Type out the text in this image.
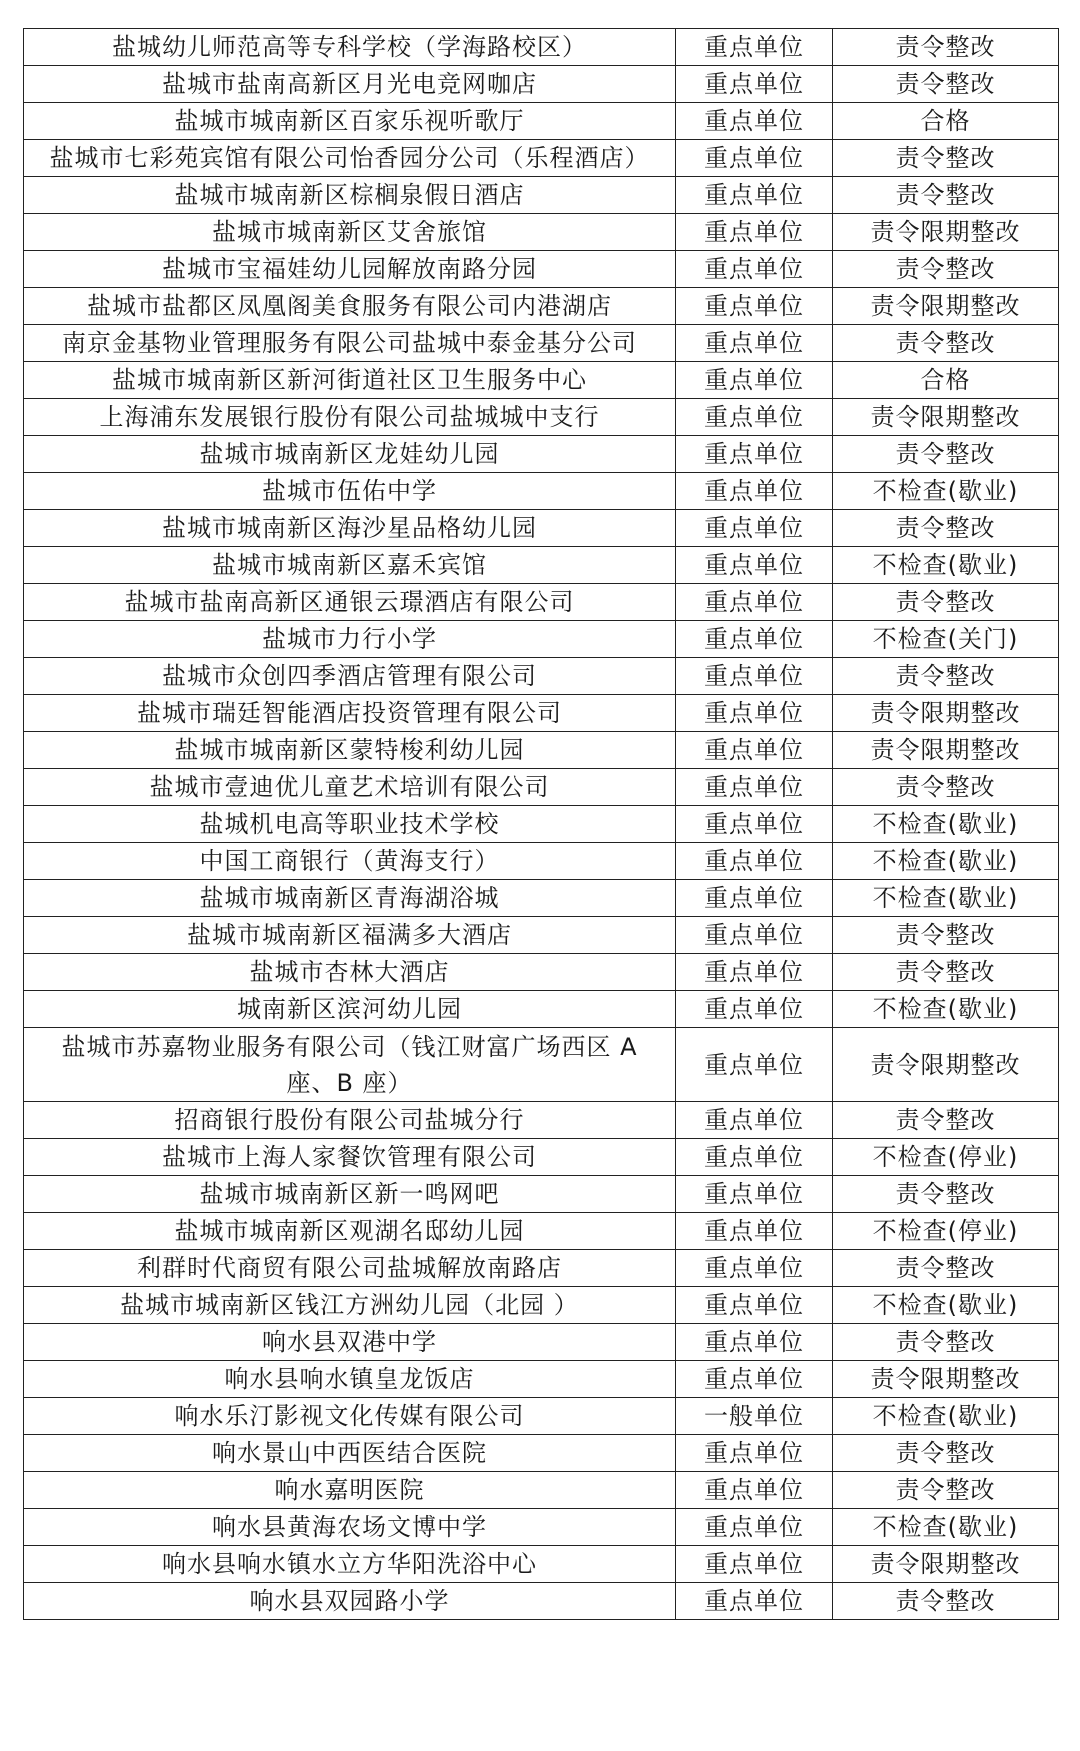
盐城幼儿师范高等专科学校（学海路校区）	重点单位	责令整改
盐城市盐南高新区月光电竞网咖店	重点单位	责令整改
盐城市城南新区百家乐视听歌厅	重点单位	合格
盐城市七彩苑宾馆有限公司怡香园分公司（乐程酒店）	重点单位	责令整改
盐城市城南新区棕榈泉假日酒店	重点单位	责令整改
盐城市城南新区艾舍旅馆	重点单位	责令限期整改
盐城市宝福娃幼儿园解放南路分园	重点单位	责令整改
盐城市盐都区凤凰阁美食服务有限公司内港湖店	重点单位	责令限期整改
南京金基物业管理服务有限公司盐城中泰金基分公司	重点单位	责令整改
盐城市城南新区新河街道社区卫生服务中心	重点单位	合格
上海浦东发展银行股份有限公司盐城城中支行	重点单位	责令限期整改
盐城市城南新区龙娃幼儿园	重点单位	责令整改
盐城市伍佑中学	重点单位	不检查(歇业)
盐城市城南新区海沙星品格幼儿园	重点单位	责令整改
盐城市城南新区嘉禾宾馆	重点单位	不检查(歇业)
盐城市盐南高新区通银云璟酒店有限公司	重点单位	责令整改
盐城市力行小学	重点单位	不检查(关门)
盐城市众创四季酒店管理有限公司	重点单位	责令整改
盐城市瑞廷智能酒店投资管理有限公司	重点单位	责令限期整改
盐城市城南新区蒙特梭利幼儿园	重点单位	责令限期整改
盐城市壹迪优儿童艺术培训有限公司	重点单位	责令整改
盐城机电高等职业技术学校	重点单位	不检查(歇业)
中国工商银行（黄海支行）	重点单位	不检查(歇业)
盐城市城南新区青海湖浴城	重点单位	不检查(歇业)
盐城市城南新区福满多大酒店	重点单位	责令整改
盐城市杏林大酒店	重点单位	责令整改
城南新区滨河幼儿园	重点单位	不检查(歇业)
盐城市苏嘉物业服务有限公司（钱江财富广场西区 A 座、B 座）	重点单位	责令限期整改
招商银行股份有限公司盐城分行	重点单位	责令整改
盐城市上海人家餐饮管理有限公司	重点单位	不检查(停业)
盐城市城南新区新一鸣网吧	重点单位	责令整改
盐城市城南新区观湖名邸幼儿园	重点单位	不检查(停业)
利群时代商贸有限公司盐城解放南路店	重点单位	责令整改
盐城市城南新区钱江方洲幼儿园（北园 ）	重点单位	不检查(歇业)
响水县双港中学	重点单位	责令整改
响水县响水镇皇龙饭店	重点单位	责令限期整改
响水乐汀影视文化传媒有限公司	一般单位	不检查(歇业)
响水景山中西医结合医院	重点单位	责令整改
响水嘉明医院	重点单位	责令整改
响水县黄海农场文博中学	重点单位	不检查(歇业)
响水县响水镇水立方华阳洗浴中心	重点单位	责令限期整改
响水县双园路小学	重点单位	责令整改
